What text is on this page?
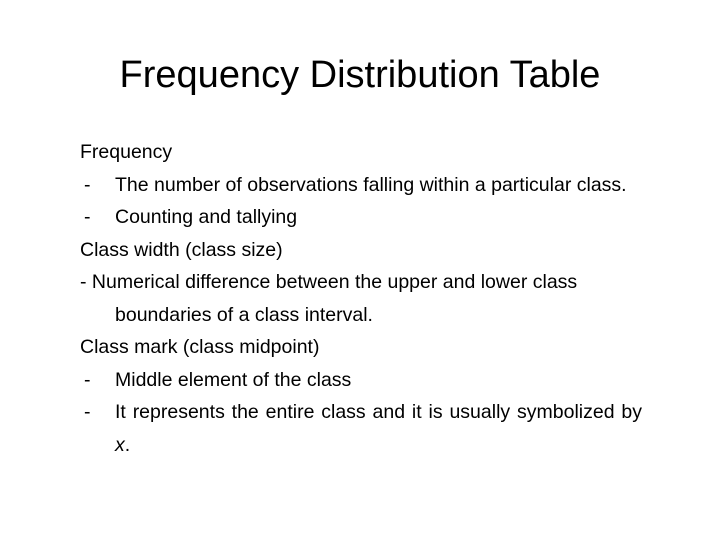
Frequency Distribution Table
Frequency
- The number of observations falling within a particular class.
- Counting and tallying
Class width (class size)
- Numerical difference between the upper and lower class boundaries of a class interval.
Class mark (class midpoint)
- Middle element of the class
- It represents the entire class and it is usually symbolized by x.
